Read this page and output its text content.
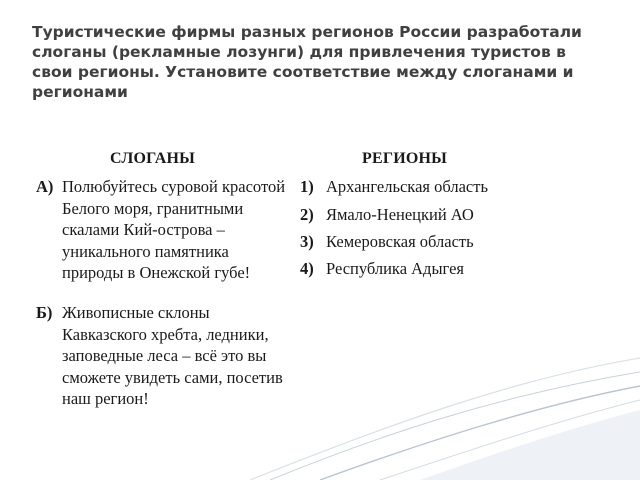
Туристические фирмы разных регионов России разработали слоганы (рекламные лозунги) для привлечения туристов в свои регионы. Установите соответствие между слоганами и регионами
СЛОГАНЫ	РЕГИОНЫ
А) Полюбуйтесь суровой красотой Белого моря, гранитными скалами Кий-острова – уникального памятника природы в Онежской губе!
Б) Живописные склоны Кавказского хребта, ледники, заповедные леса – всё это вы сможете увидеть сами, посетив наш регион!
1) Архангельская область
2) Ямало-Ненецкий АО
3) Кемеровская область
4) Республика Адыгея
